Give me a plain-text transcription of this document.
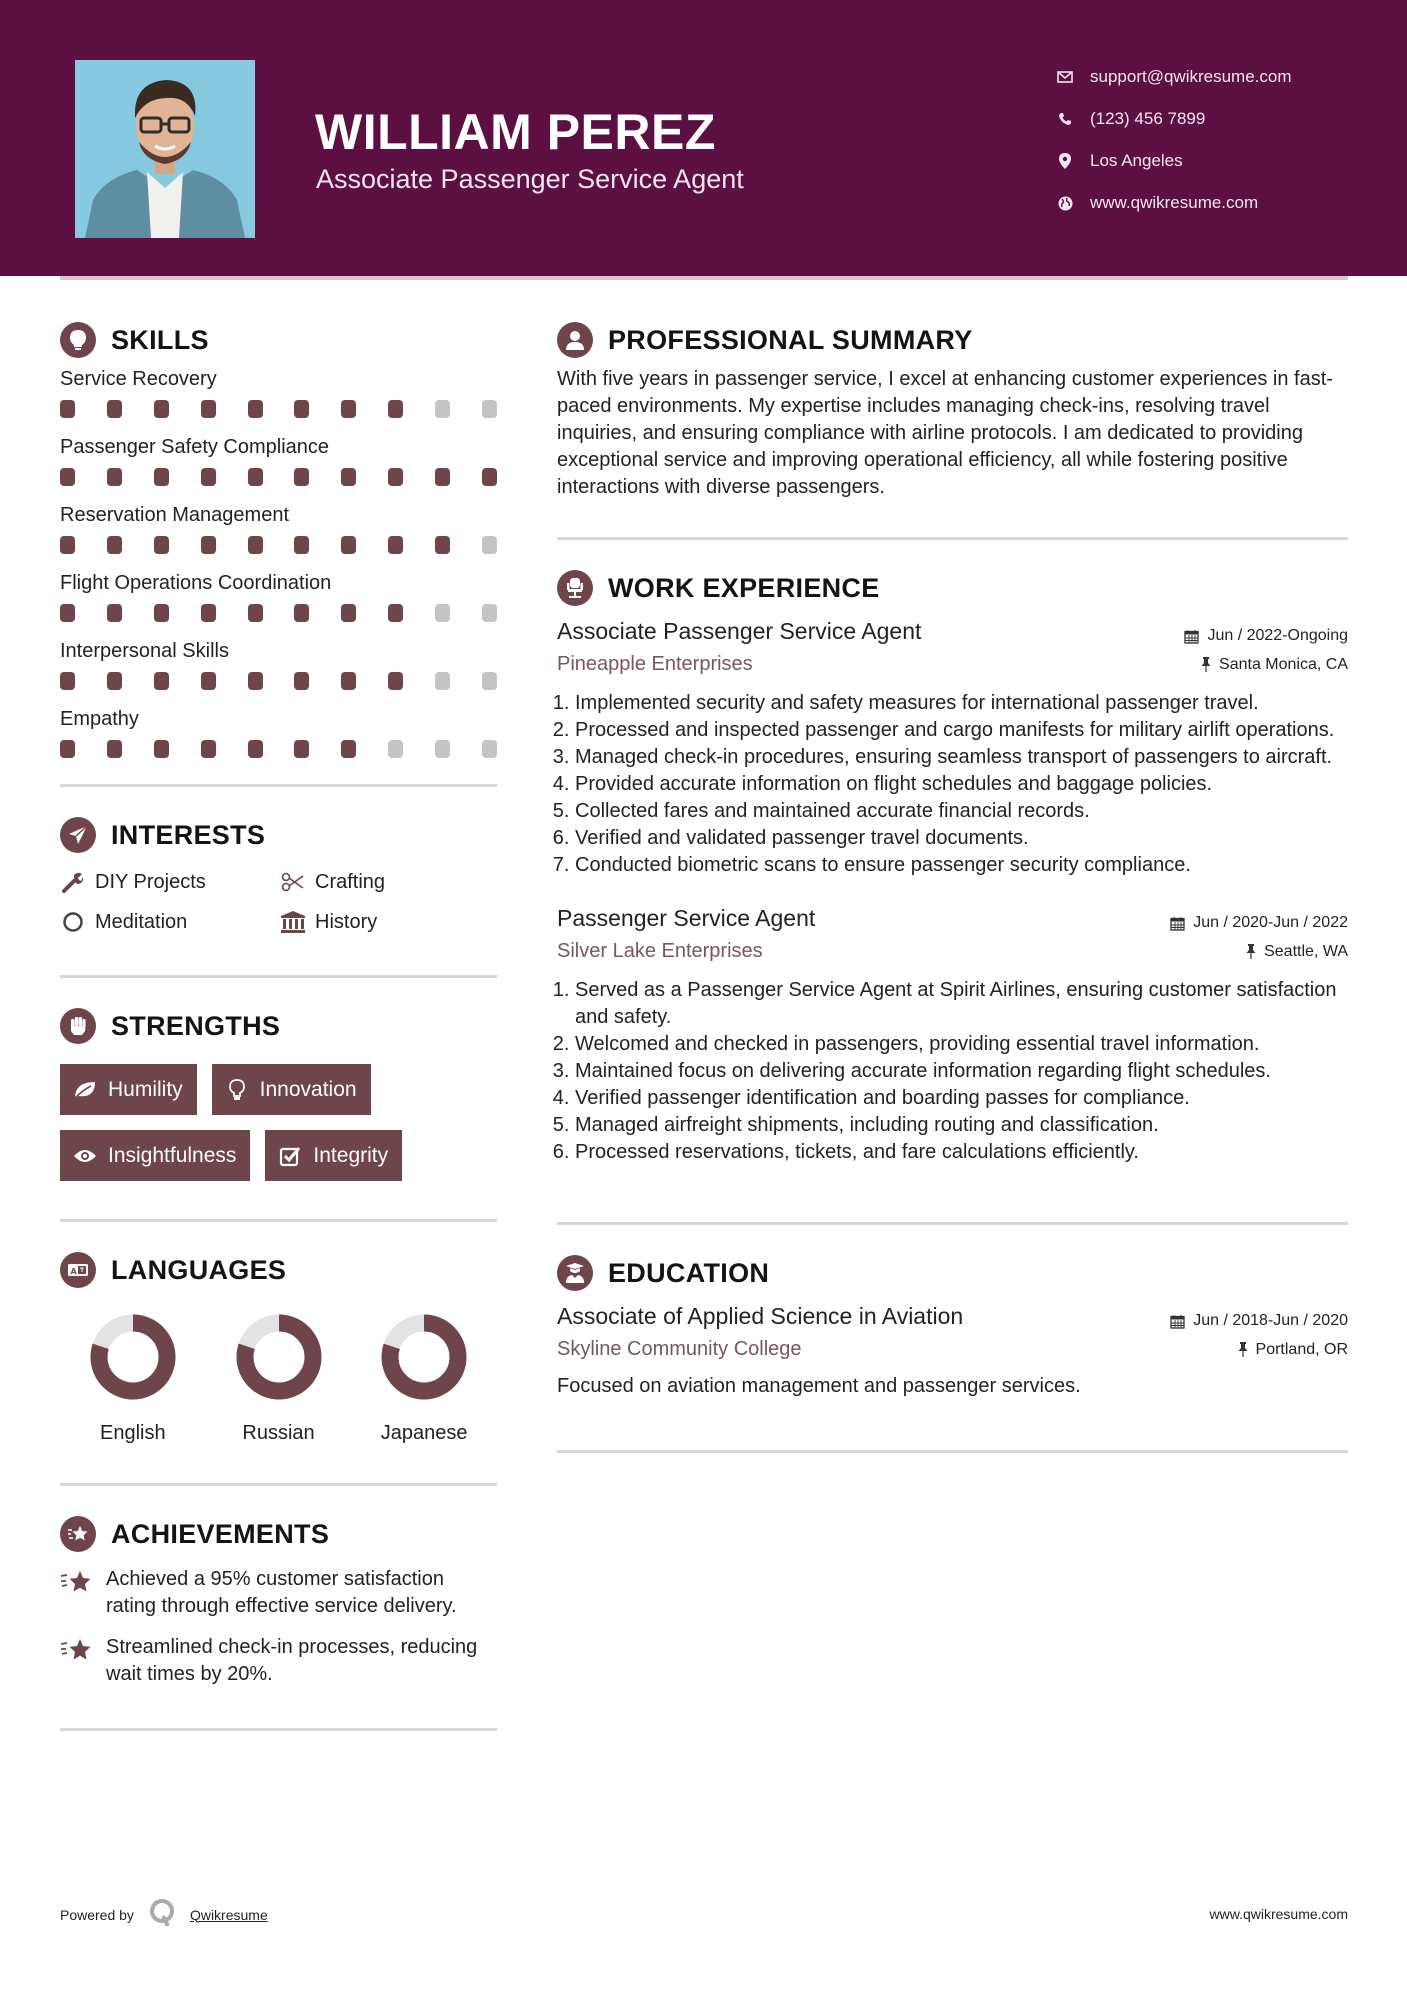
WILLIAM PEREZ
Associate Passenger Service Agent
support@qwikresume.com
(123) 456 7899
Los Angeles
www.qwikresume.com
SKILLS
Service Recovery
Passenger Safety Compliance
Reservation Management
Flight Operations Coordination
Interpersonal Skills
Empathy
INTERESTS
DIY Projects	Crafting
Meditation	History
STRENGTHS
Humility	Innovation
Insightfulness	Integrity
A LANGUAGES
English	Russian	Japanese
ACHIEVEMENTS
Achieved a 95% customer satisfaction rating through effective service delivery.
Streamlined check-in processes, reducing wait times by 20%.
PROFESSIONAL SUMMARY

With five years in passenger service, I excel at enhancing customer experiences in fast-paced environments. My expertise includes managing check-ins, resolving travel inquiries, and ensuring compliance with airline protocols. I am dedicated to providing exceptional service and improving operational efficiency, all while fostering positive interactions with diverse passengers.

WORK EXPERIENCE
Associate Passenger Service Agent	Jun / 2022-Ongoing
Pineapple Enterprises	Santa Monica, CA
1. Implemented security and safety measures for international passenger travel.
2. Processed and inspected passenger and cargo manifests for military airlift operations.
3. Managed check-in procedures, ensuring seamless transport of passengers to aircraft.
4. Provided accurate information on flight schedules and baggage policies.
5. Collected fares and maintained accurate financial records.
6. Verified and validated passenger travel documents.
7. Conducted biometric scans to ensure passenger security compliance.
Passenger Service Agent	Jun / 2020-Jun / 2022
Silver Lake Enterprises	Seattle, WA
1. Served as a Passenger Service Agent at Spirit Airlines, ensuring customer satisfaction and safety.
2. Welcomed and checked in passengers, providing essential travel information.
3. Maintained focus on delivering accurate information regarding flight schedules.
4. Verified passenger identification and boarding passes for compliance.
5. Managed airfreight shipments, including routing and classification.
6. Processed reservations, tickets, and fare calculations efficiently.
EDUCATION
Associate of Applied Science in Aviation	Jun / 2018-Jun / 2020
Skyline Community College	Portland, OR

Focused on aviation management and passenger services.

Powered by	Qwikresume	www.qwikresume.com
